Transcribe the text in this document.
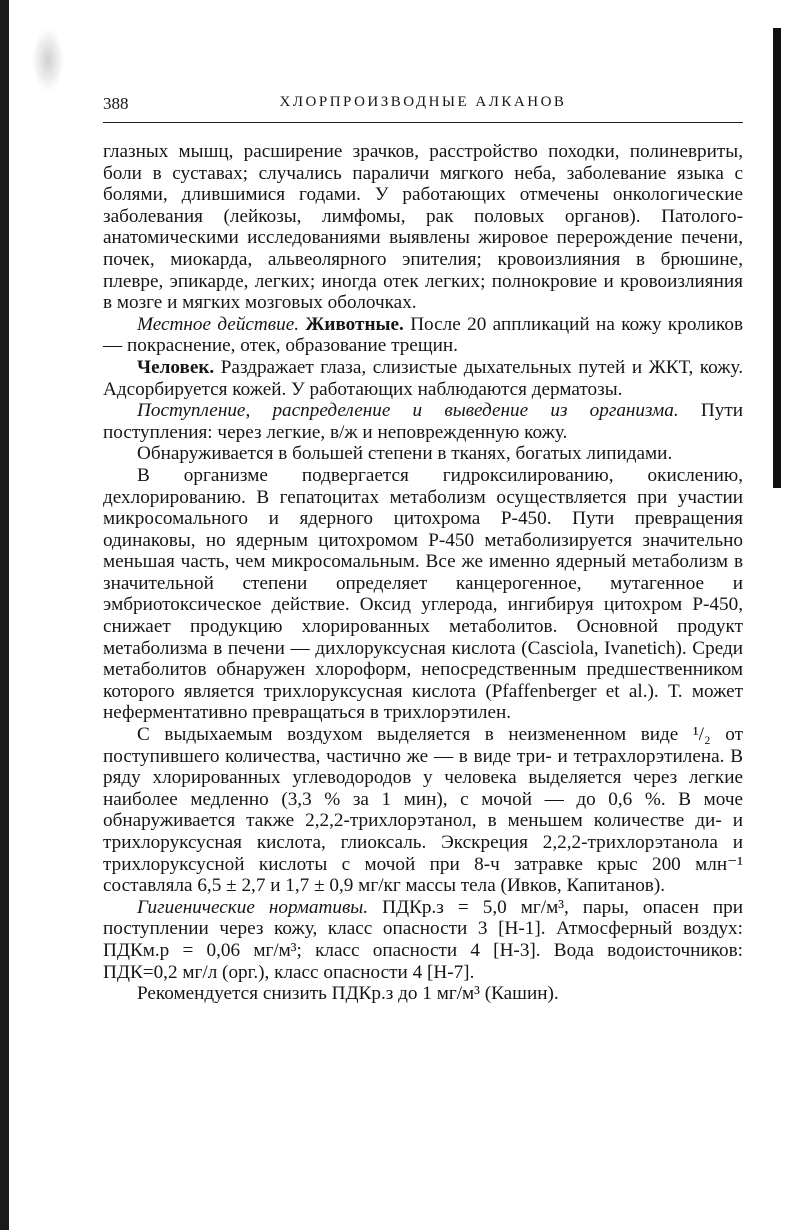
388	ХЛОРПРОИЗВОДНЫЕ АЛКАНОВ

глазных мышц, расширение зрачков, расстройство походки, полиневриты, боли в суставах; случались параличи мягкого неба, заболевание языка с болями, длившимися годами. У работающих отмечены онкологические заболевания (лейкозы, лимфомы, рак половых органов). Патолого-анатомическими исследованиями выявлены жировое перерождение печени, почек, миокарда, альвеолярного эпителия; кровоизлияния в брюшине, плевре, эпикарде, легких; иногда отек легких; полнокровие и кровоизлияния в мозге и мягких мозговых оболочках.

Местное действие. Животные. После 20 аппликаций на кожу кроликов — покраснение, отек, образование трещин.

Человек. Раздражает глаза, слизистые дыхательных путей и ЖКТ, кожу. Адсорбируется кожей. У работающих наблюдаются дерматозы.

Поступление, распределение и выведение из организма. Пути поступления: через легкие, в/ж и неповрежденную кожу.

Обнаруживается в большей степени в тканях, богатых липидами.

В организме подвергается гидроксилированию, окислению, дехлорированию. В гепатоцитах метаболизм осуществляется при участии микросомального и ядерного цитохрома Р-450. Пути превращения одинаковы, но ядерным цитохромом Р-450 метаболизируется значительно меньшая часть, чем микросомальным. Все же именно ядерный метаболизм в значительной степени определяет канцерогенное, мутагенное и эмбриотоксическое действие. Оксид углерода, ингибируя цитохром Р-450, снижает продукцию хлорированных метаболитов. Основной продукт метаболизма в печени — дихлоруксусная кислота (Casciola, Ivanetich). Среди метаболитов обнаружен хлороформ, непосредственным предшественником которого является трихлоруксусная кислота (Pfaffenberger et al.). Т. может неферментативно превращаться в трихлорэтилен.

С выдыхаемым воздухом выделяется в неизмененном виде ¹/₂ от поступившего количества, частично же — в виде три- и тетрахлорэтилена. В ряду хлорированных углеводородов у человека выделяется через легкие наиболее медленно (3,3 % за 1 мин), с мочой — до 0,6 %. В моче обнаруживается также 2,2,2-трихлорэтанол, в меньшем количестве ди- и трихлоруксусная кислота, глиоксаль. Экскреция 2,2,2-трихлорэтанола и трихлоруксусной кислоты с мочой при 8-ч затравке крыс 200 млн⁻¹ составляла 6,5 ± 2,7 и 1,7 ± 0,9 мг/кг массы тела (Ивков, Капитанов).

Гигиенические нормативы. ПДКр.з = 5,0 мг/м³, пары, опасен при поступлении через кожу, класс опасности 3 [Н-1]. Атмосферный воздух: ПДКм.р = 0,06 мг/м³; класс опасности 4 [Н-3]. Вода водоисточников: ПДК=0,2 мг/л (орг.), класс опасности 4 [Н-7].

Рекомендуется снизить ПДКр.з до 1 мг/м³ (Кашин).
